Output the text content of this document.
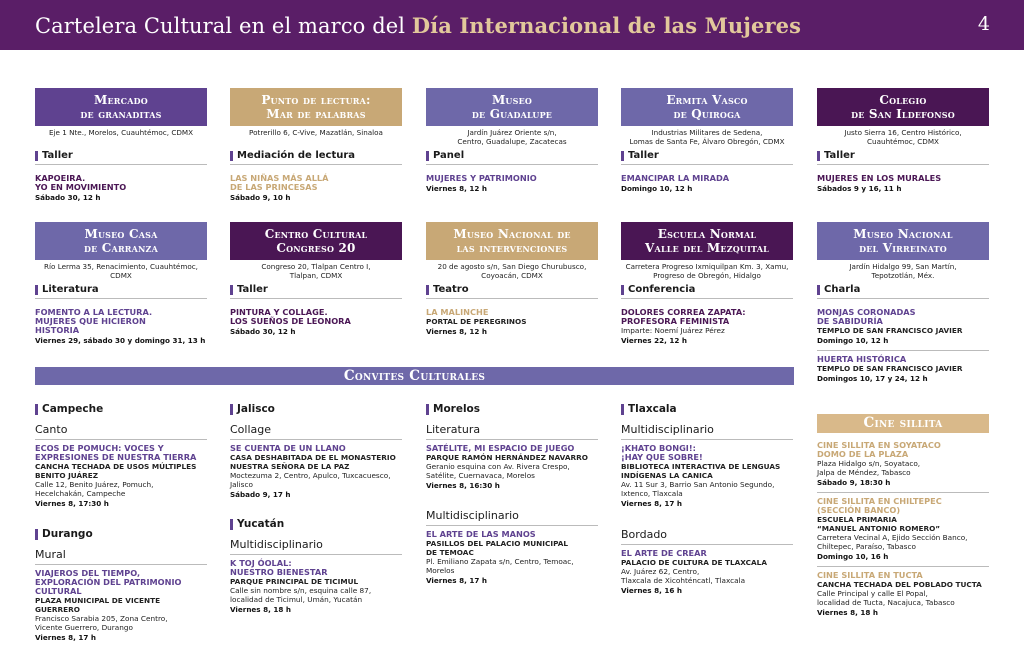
Cartelera Cultural en el marco del Día Internacional de las Mujeres	4
Mercado
de granaditas
Eje 1 Nte., Morelos, Cuauhtémoc, CDMX
Taller
KAPOEIRA.
YO EN MOVIMIENTO
Sábado 30, 12 h
Punto de lectura:
Mar de palabras
Potrerillo 6, C-Vive, Mazatlán, Sinaloa
Mediación de lectura
LAS NIÑAS MÁS ALLÁ
DE LAS PRINCESAS
Sábado 9, 10 h
Museo
de Guadalupe
Jardín Juárez Oriente s/n,
Centro, Guadalupe, Zacatecas
Panel
MUJERES Y PATRIMONIO
Viernes 8, 12 h
Ermita Vasco
de Quiroga
Industrias Militares de Sedena,
Lomas de Santa Fe, Álvaro Obregón, CDMX
Taller
EMANCIPAR LA MIRADA
Domingo 10, 12 h
Colegio
de San Ildefonso
Justo Sierra 16, Centro Histórico,
Cuauhtémoc, CDMX
Taller
MUJERES EN LOS MURALES
Sábados 9 y 16, 11 h
Museo Casa
de Carranza
Río Lerma 35, Renacimiento, Cuauhtémoc,
CDMX
Literatura
FOMENTO A LA LECTURA.
MUJERES QUE HICIERON
HISTORIA
Viernes 29, sábado 30 y domingo 31, 13 h
Centro Cultural
Congreso 20
Congreso 20, Tlalpan Centro I,
Tlalpan, CDMX
Taller
PINTURA Y COLLAGE.
LOS SUEÑOS DE LEONORA
Sábado 30, 12 h
Museo Nacional de
las intervenciones
20 de agosto s/n, San Diego Churubusco,
Coyoacán, CDMX
Teatro
LA MALINCHE
PORTAL DE PEREGRINOS
Viernes 8, 12 h
Escuela Normal
Valle del Mezquital
Carretera Progreso Ixmiquilpan Km. 3, Xamu,
Progreso de Obregón, Hidalgo
Conferencia
DOLORES CORREA ZAPATA:
PROFESORA FEMINISTA
Imparte: Noemí Juárez Pérez
Viernes 22, 12 h
Museo Nacional
del Virreinato
Jardín Hidalgo 99, San Martín,
Tepotzotlán, Méx.
Charla
MONJAS CORONADAS
DE SABIDURÍA
TEMPLO DE SAN FRANCISCO JAVIER
Domingo 10, 12 h
HUERTA HISTÓRICA
TEMPLO DE SAN FRANCISCO JAVIER
Domingos 10, 17 y 24, 12 h
Convites Culturales
Cine sillita
Campeche
Canto
ECOS DE POMUCH: VOCES Y
EXPRESIONES DE NUESTRA TIERRA
CANCHA TECHADA DE USOS MÚLTIPLES
BENITO JUÁREZ
Calle 12, Benito Juárez, Pomuch,
Hecelchakán, Campeche
Viernes 8, 17:30 h
Durango
Mural
VIAJEROS DEL TIEMPO,
EXPLORACIÓN DEL PATRIMONIO
CULTURAL
PLAZA MUNICIPAL DE VICENTE GUERRERO
Francisco Sarabia 205, Zona Centro,
Vicente Guerrero, Durango
Viernes 8, 17 h
Jalisco
Collage
SE CUENTA DE UN LLANO
CASA DESHABITADA DE EL MONASTERIO
NUESTRA SEÑORA DE LA PAZ
Moctezuma 2, Centro, Apulco, Tuxcacuesco,
Jalisco
Sábado 9, 17 h
Yucatán
Multidisciplinario
K TOJ ÓOLAL:
NUESTRO BIENESTAR
PARQUE PRINCIPAL DE TICIMUL
Calle sin nombre s/n, esquina calle 87,
localidad de Ticimul, Umán, Yucatán
Viernes 8, 18 h
Morelos
Literatura
SATÉLITE, MI ESPACIO DE JUEGO
PARQUE RAMÓN HERNÁNDEZ NAVARRO
Geranio esquina con Av. Rivera Crespo,
Satélite, Cuernavaca, Morelos
Viernes 8, 16:30 h
Multidisciplinario
EL ARTE DE LAS MANOS
PASILLOS DEL PALACIO MUNICIPAL
DE TEMOAC
Pl. Emiliano Zapata s/n, Centro, Temoac,
Morelos
Viernes 8, 17 h
Tlaxcala
Multidisciplinario
¡KHATO BONGI!:
¡HAY QUE SOBRE!
BIBLIOTECA INTERACTIVA DE LENGUAS
INDÍGENAS LA CANICA
Av. 11 Sur 3, Barrio San Antonio Segundo,
Ixtenco, Tlaxcala
Viernes 8, 17 h
Bordado
EL ARTE DE CREAR
PALACIO DE CULTURA DE TLAXCALA
Av. Juárez 62, Centro,
Tlaxcala de Xicohténcatl, Tlaxcala
Viernes 8, 16 h
CINE SILLITA EN SOYATACO
DOMO DE LA PLAZA
Plaza Hidalgo s/n, Soyataco,
Jalpa de Méndez, Tabasco
Sábado 9, 18:30 h
CINE SILLITA EN CHILTEPEC
(SECCIÓN BANCO)
ESCUELA PRIMARIA
“MANUEL ANTONIO ROMERO”
Carretera Vecinal A, Ejido Sección Banco,
Chiltepec, Paraíso, Tabasco
Domingo 10, 16 h
CINE SILLITA EN TUCTA
CANCHA TECHADA DEL POBLADO TUCTA
Calle Principal y calle El Popal,
localidad de Tucta, Nacajuca, Tabasco
Viernes 8, 18 h
